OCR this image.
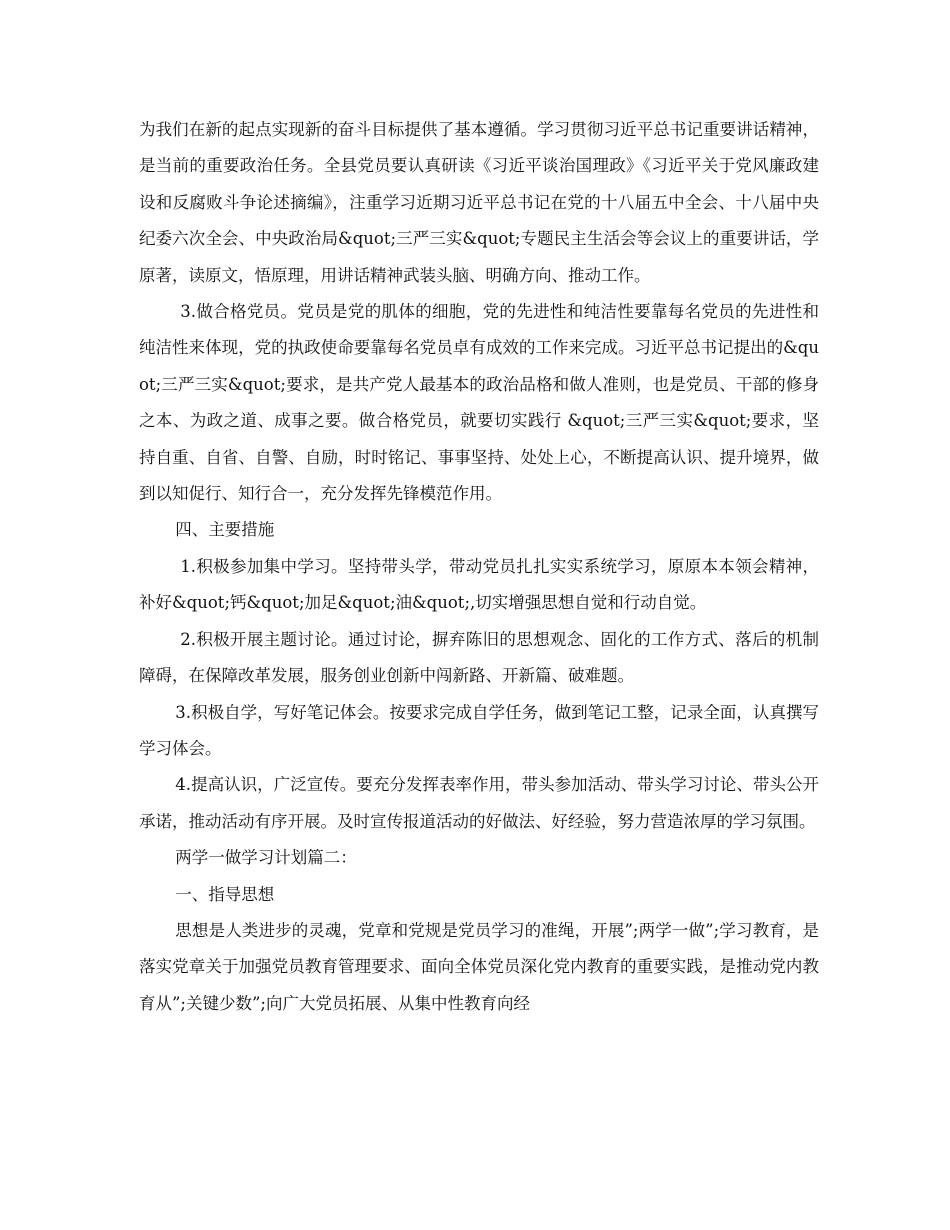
为我们在新的起点实现新的奋斗目标提供了基本遵循。学习贯彻习近平总书记重要讲话精神，是当前的重要政治任务。全县党员要认真研读《习近平谈治国理政》《习近平关于党风廉政建设和反腐败斗争论述摘编》，注重学习近期习近平总书记在党的十八届五中全会、十八届中央纪委六次全会、中央政治局&quot;三严三实&quot;专题民主生活会等会议上的重要讲话，学原著，读原文，悟原理，用讲话精神武装头脑、明确方向、推动工作。

3.做合格党员。党员是党的肌体的细胞，党的先进性和纯洁性要靠每名党员的先进性和纯洁性来体现，党的执政使命要靠每名党员卓有成效的工作来完成。习近平总书记提出的&quot;三严三实&quot;要求，是共产党人最基本的政治品格和做人准则，也是党员、干部的修身之本、为政之道、成事之要。做合格党员，就要切实践行 &quot;三严三实&quot;要求，坚持自重、自省、自警、自励，时时铭记、事事坚持、处处上心，不断提高认识、提升境界，做到以知促行、知行合一，充分发挥先锋模范作用。

四、主要措施

1.积极参加集中学习。坚持带头学，带动党员扎扎实实系统学习，原原本本领会精神，补好&quot;钙&quot;加足&quot;油&quot;,切实增强思想自觉和行动自觉。

2.积极开展主题讨论。通过讨论，摒弃陈旧的思想观念、固化的工作方式、落后的机制障碍，在保障改革发展，服务创业创新中闯新路、开新篇、破难题。

3.积极自学，写好笔记体会。按要求完成自学任务，做到笔记工整，记录全面，认真撰写学习体会。

4.提高认识，广泛宣传。要充分发挥表率作用，带头参加活动、带头学习讨论、带头公开承诺，推动活动有序开展。及时宣传报道活动的好做法、好经验，努力营造浓厚的学习氛围。

两学一做学习计划篇二：

一、指导思想

思想是人类进步的灵魂，党章和党规是党员学习的准绳，开展”;两学一做”;学习教育，是落实党章关于加强党员教育管理要求、面向全体党员深化党内教育的重要实践，是推动党内教育从”;关键少数”;向广大党员拓展、从集中性教育向经
